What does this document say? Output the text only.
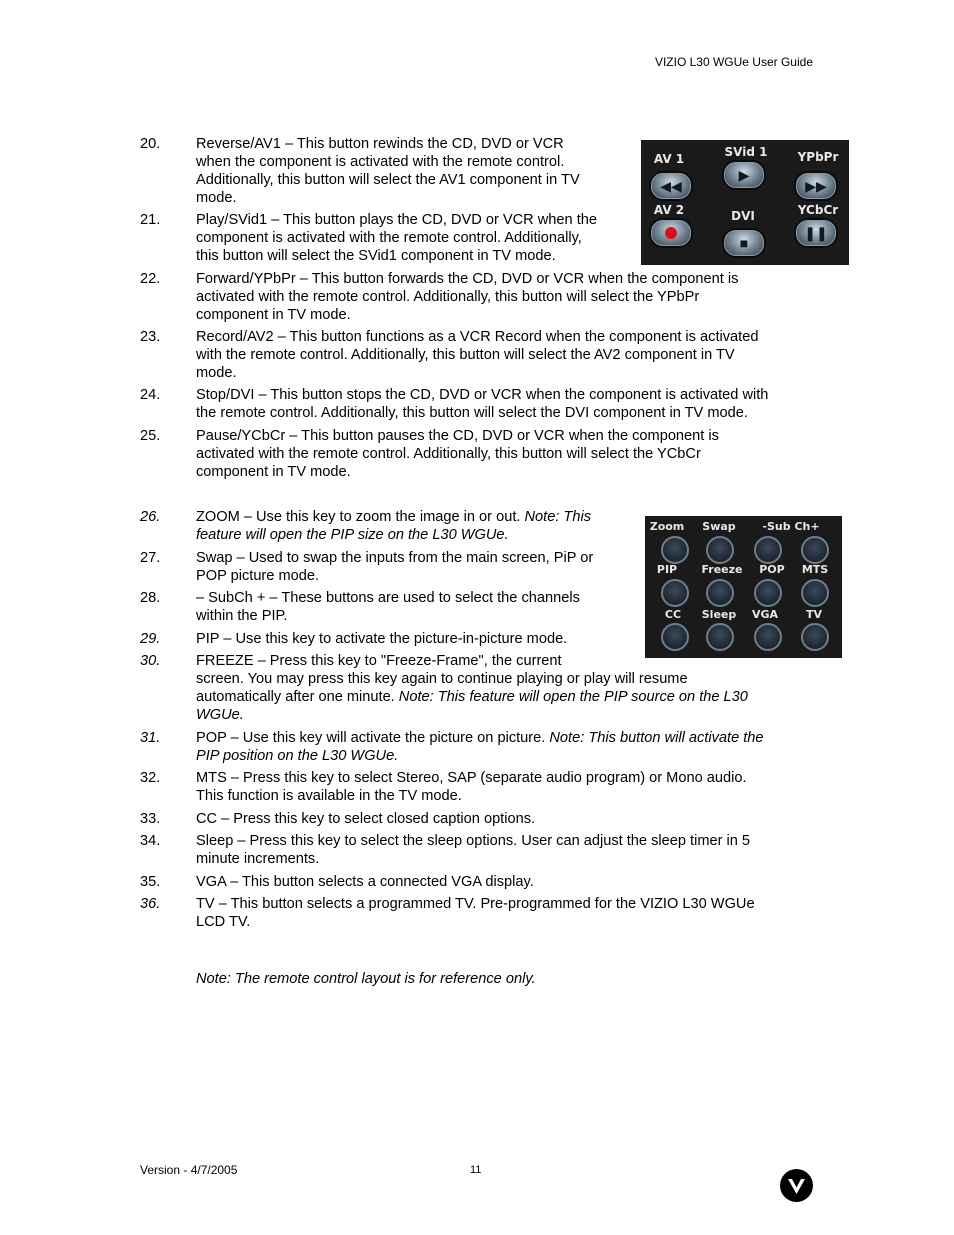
VIZIO L30 WGUe User Guide
20.	Reverse/AV1 – This button rewinds the CD, DVD or VCR
when the component is activated with the remote control.
Additionally, this button will select the AV1 component in TV
mode.
21.	Play/SVid1 – This button plays the CD, DVD or VCR when the
component is activated with the remote control. Additionally,
this button will select the SVid1 component in TV mode.
22.	Forward/YPbPr – This button forwards the CD, DVD or VCR when the component is
activated with the remote control. Additionally, this button will select the YPbPr
component in TV mode.
23.	Record/AV2 – This button functions as a VCR Record when the component is activated
with the remote control. Additionally, this button will select the AV2 component in TV
mode.
24.	Stop/DVI – This button stops the CD, DVD or VCR when the component is activated with
the remote control. Additionally, this button will select the DVI component in TV mode.
25.	Pause/YCbCr – This button pauses the CD, DVD or VCR when the component is
activated with the remote control. Additionally, this button will select the YCbCr
component in TV mode.
26.	ZOOM – Use this key to zoom the image in or out. Note: This
feature will open the PIP size on the L30 WGUe.
27.	Swap – Used to swap the inputs from the main screen, PiP or
POP picture mode.
28.	– SubCh + – These buttons are used to select the channels
within the PIP.
29.	PIP – Use this key to activate the picture-in-picture mode.
30.	FREEZE – Press this key to "Freeze-Frame", the current
screen. You may press this key again to continue playing or play will resume
automatically after one minute. Note: This feature will open the PIP source on the L30
WGUe.
31.	POP – Use this key will activate the picture on picture. Note: This button will activate the
PIP position on the L30 WGUe.
32.	MTS – Press this key to select Stereo, SAP (separate audio program) or Mono audio.
This function is available in the TV mode.
33.	CC – Press this key to select closed caption options.
34.	Sleep – Press this key to select the sleep options. User can adjust the sleep timer in 5
minute increments.
35.	VGA – This button selects a connected VGA display.
36.	TV – This button selects a programmed TV. Pre-programmed for the VIZIO L30 WGUe
LCD TV.
Note: The remote control layout is for reference only.
AV 1	SVid 1	YPbPr
◀◀
▶
▶▶
AV 2	DVI	YCbCr
■
❚❚
Zoom	Swap	-Sub Ch+
PIP	Freeze	POP	MTS
CC	Sleep	VGA	TV
Version - 4/7/2005	11
